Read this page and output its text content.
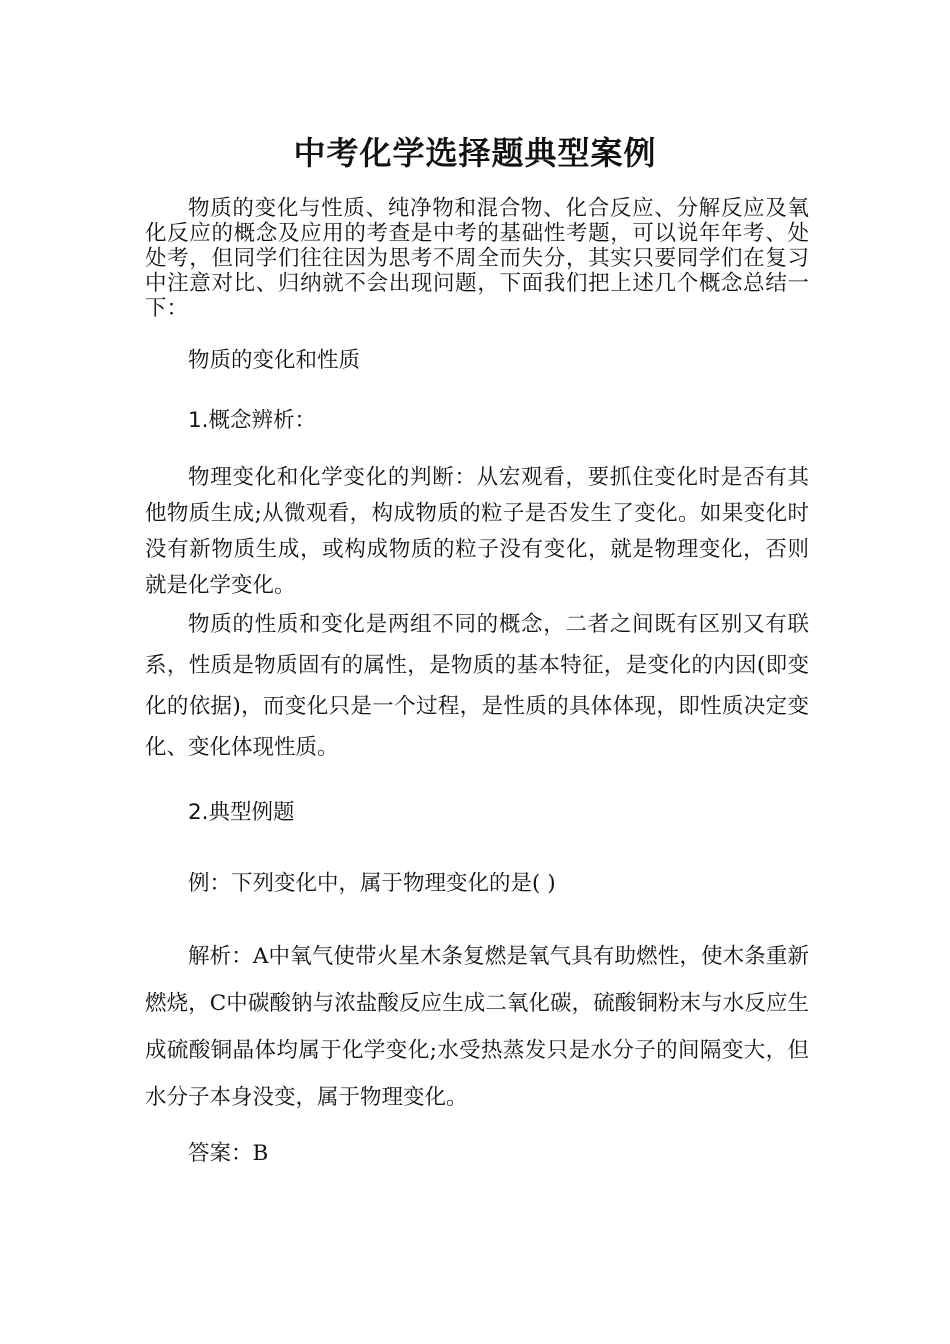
中考化学选择题典型案例

物质的变化与性质、纯净物和混合物、化合反应、分解反应及氧化反应的概念及应用的考查是中考的基础性考题，可以说年年考、处处考，但同学们往往因为思考不周全而失分，其实只要同学们在复习中注意对比、归纳就不会出现问题，下面我们把上述几个概念总结一下：

物质的变化和性质

1.概念辨析：

物理变化和化学变化的判断：从宏观看，要抓住变化时是否有其他物质生成;从微观看，构成物质的粒子是否发生了变化。如果变化时没有新物质生成，或构成物质的粒子没有变化，就是物理变化，否则就是化学变化。

物质的性质和变化是两组不同的概念，二者之间既有区别又有联系，性质是物质固有的属性，是物质的基本特征，是变化的内因(即变化的依据)，而变化只是一个过程，是性质的具体体现，即性质决定变化、变化体现性质。

2.典型例题

例：下列变化中，属于物理变化的是( )

解析：A中氧气使带火星木条复燃是氧气具有助燃性，使木条重新燃烧，C中碳酸钠与浓盐酸反应生成二氧化碳，硫酸铜粉末与水反应生成硫酸铜晶体均属于化学变化;水受热蒸发只是水分子的间隔变大，但水分子本身没变，属于物理变化。

答案：B
